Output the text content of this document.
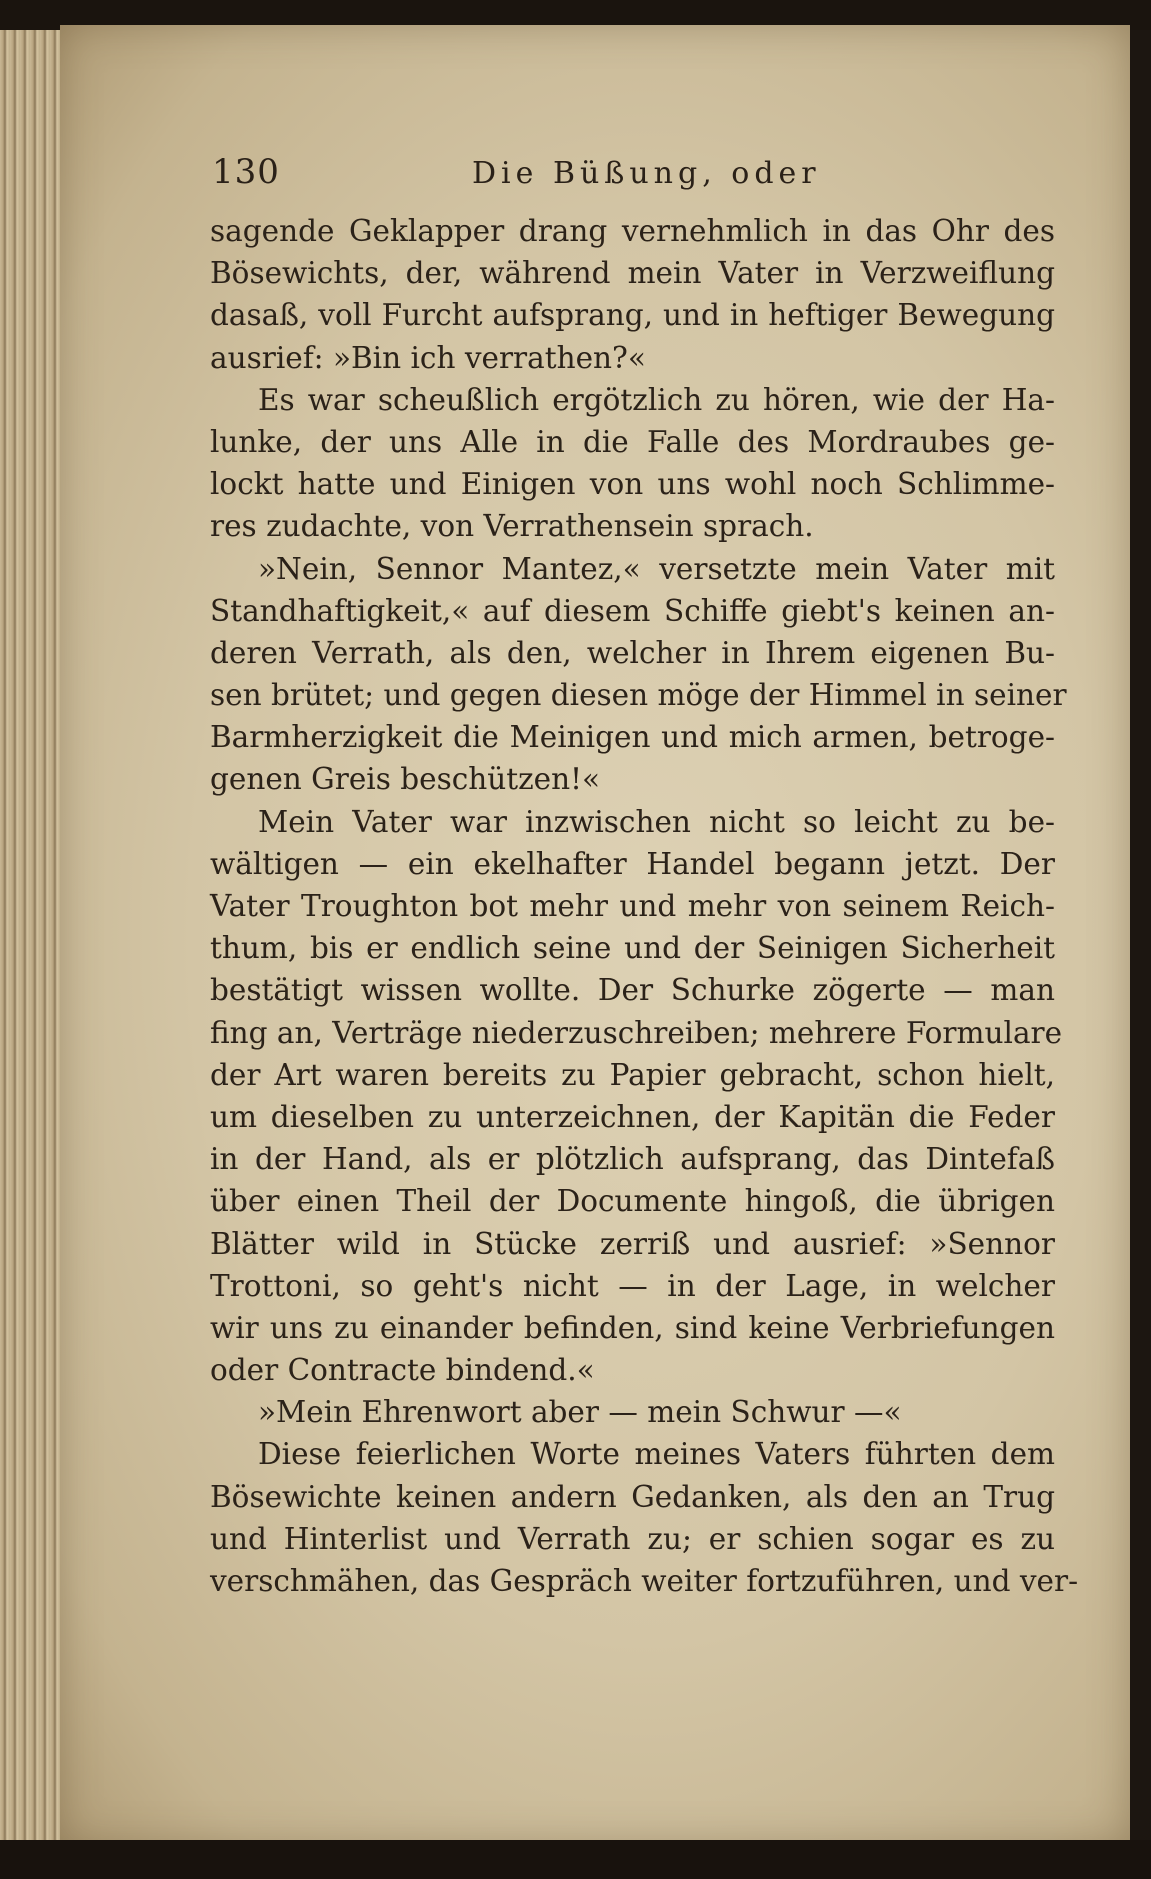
130	Die Büßung, oder
sagende Geklapper drang vernehmlich in das Ohr des
Bösewichts, der, während mein Vater in Verzweiflung
dasaß, voll Furcht aufsprang, und in heftiger Bewegung
ausrief: »Bin ich verrathen?«
Es war scheußlich ergötzlich zu hören, wie der Ha-
lunke, der uns Alle in die Falle des Mordraubes ge-
lockt hatte und Einigen von uns wohl noch Schlimme-
res zudachte, von Verrathensein sprach.
»Nein, Sennor Mantez,« versetzte mein Vater mit
Standhaftigkeit,« auf diesem Schiffe giebt's keinen an-
deren Verrath, als den, welcher in Ihrem eigenen Bu-
sen brütet; und gegen diesen möge der Himmel in seiner
Barmherzigkeit die Meinigen und mich armen, betroge-
genen Greis beschützen!«
Mein Vater war inzwischen nicht so leicht zu be-
wältigen — ein ekelhafter Handel begann jetzt. Der
Vater Troughton bot mehr und mehr von seinem Reich-
thum, bis er endlich seine und der Seinigen Sicherheit
bestätigt wissen wollte. Der Schurke zögerte — man
fing an, Verträge niederzuschreiben; mehrere Formulare
der Art waren bereits zu Papier gebracht, schon hielt,
um dieselben zu unterzeichnen, der Kapitän die Feder
in der Hand, als er plötzlich aufsprang, das Dintefaß
über einen Theil der Documente hingoß, die übrigen
Blätter wild in Stücke zerriß und ausrief: »Sennor
Trottoni, so geht's nicht — in der Lage, in welcher
wir uns zu einander befinden, sind keine Verbriefungen
oder Contracte bindend.«
»Mein Ehrenwort aber — mein Schwur —«
Diese feierlichen Worte meines Vaters führten dem
Bösewichte keinen andern Gedanken, als den an Trug
und Hinterlist und Verrath zu; er schien sogar es zu
verschmähen, das Gespräch weiter fortzuführen, und ver-
